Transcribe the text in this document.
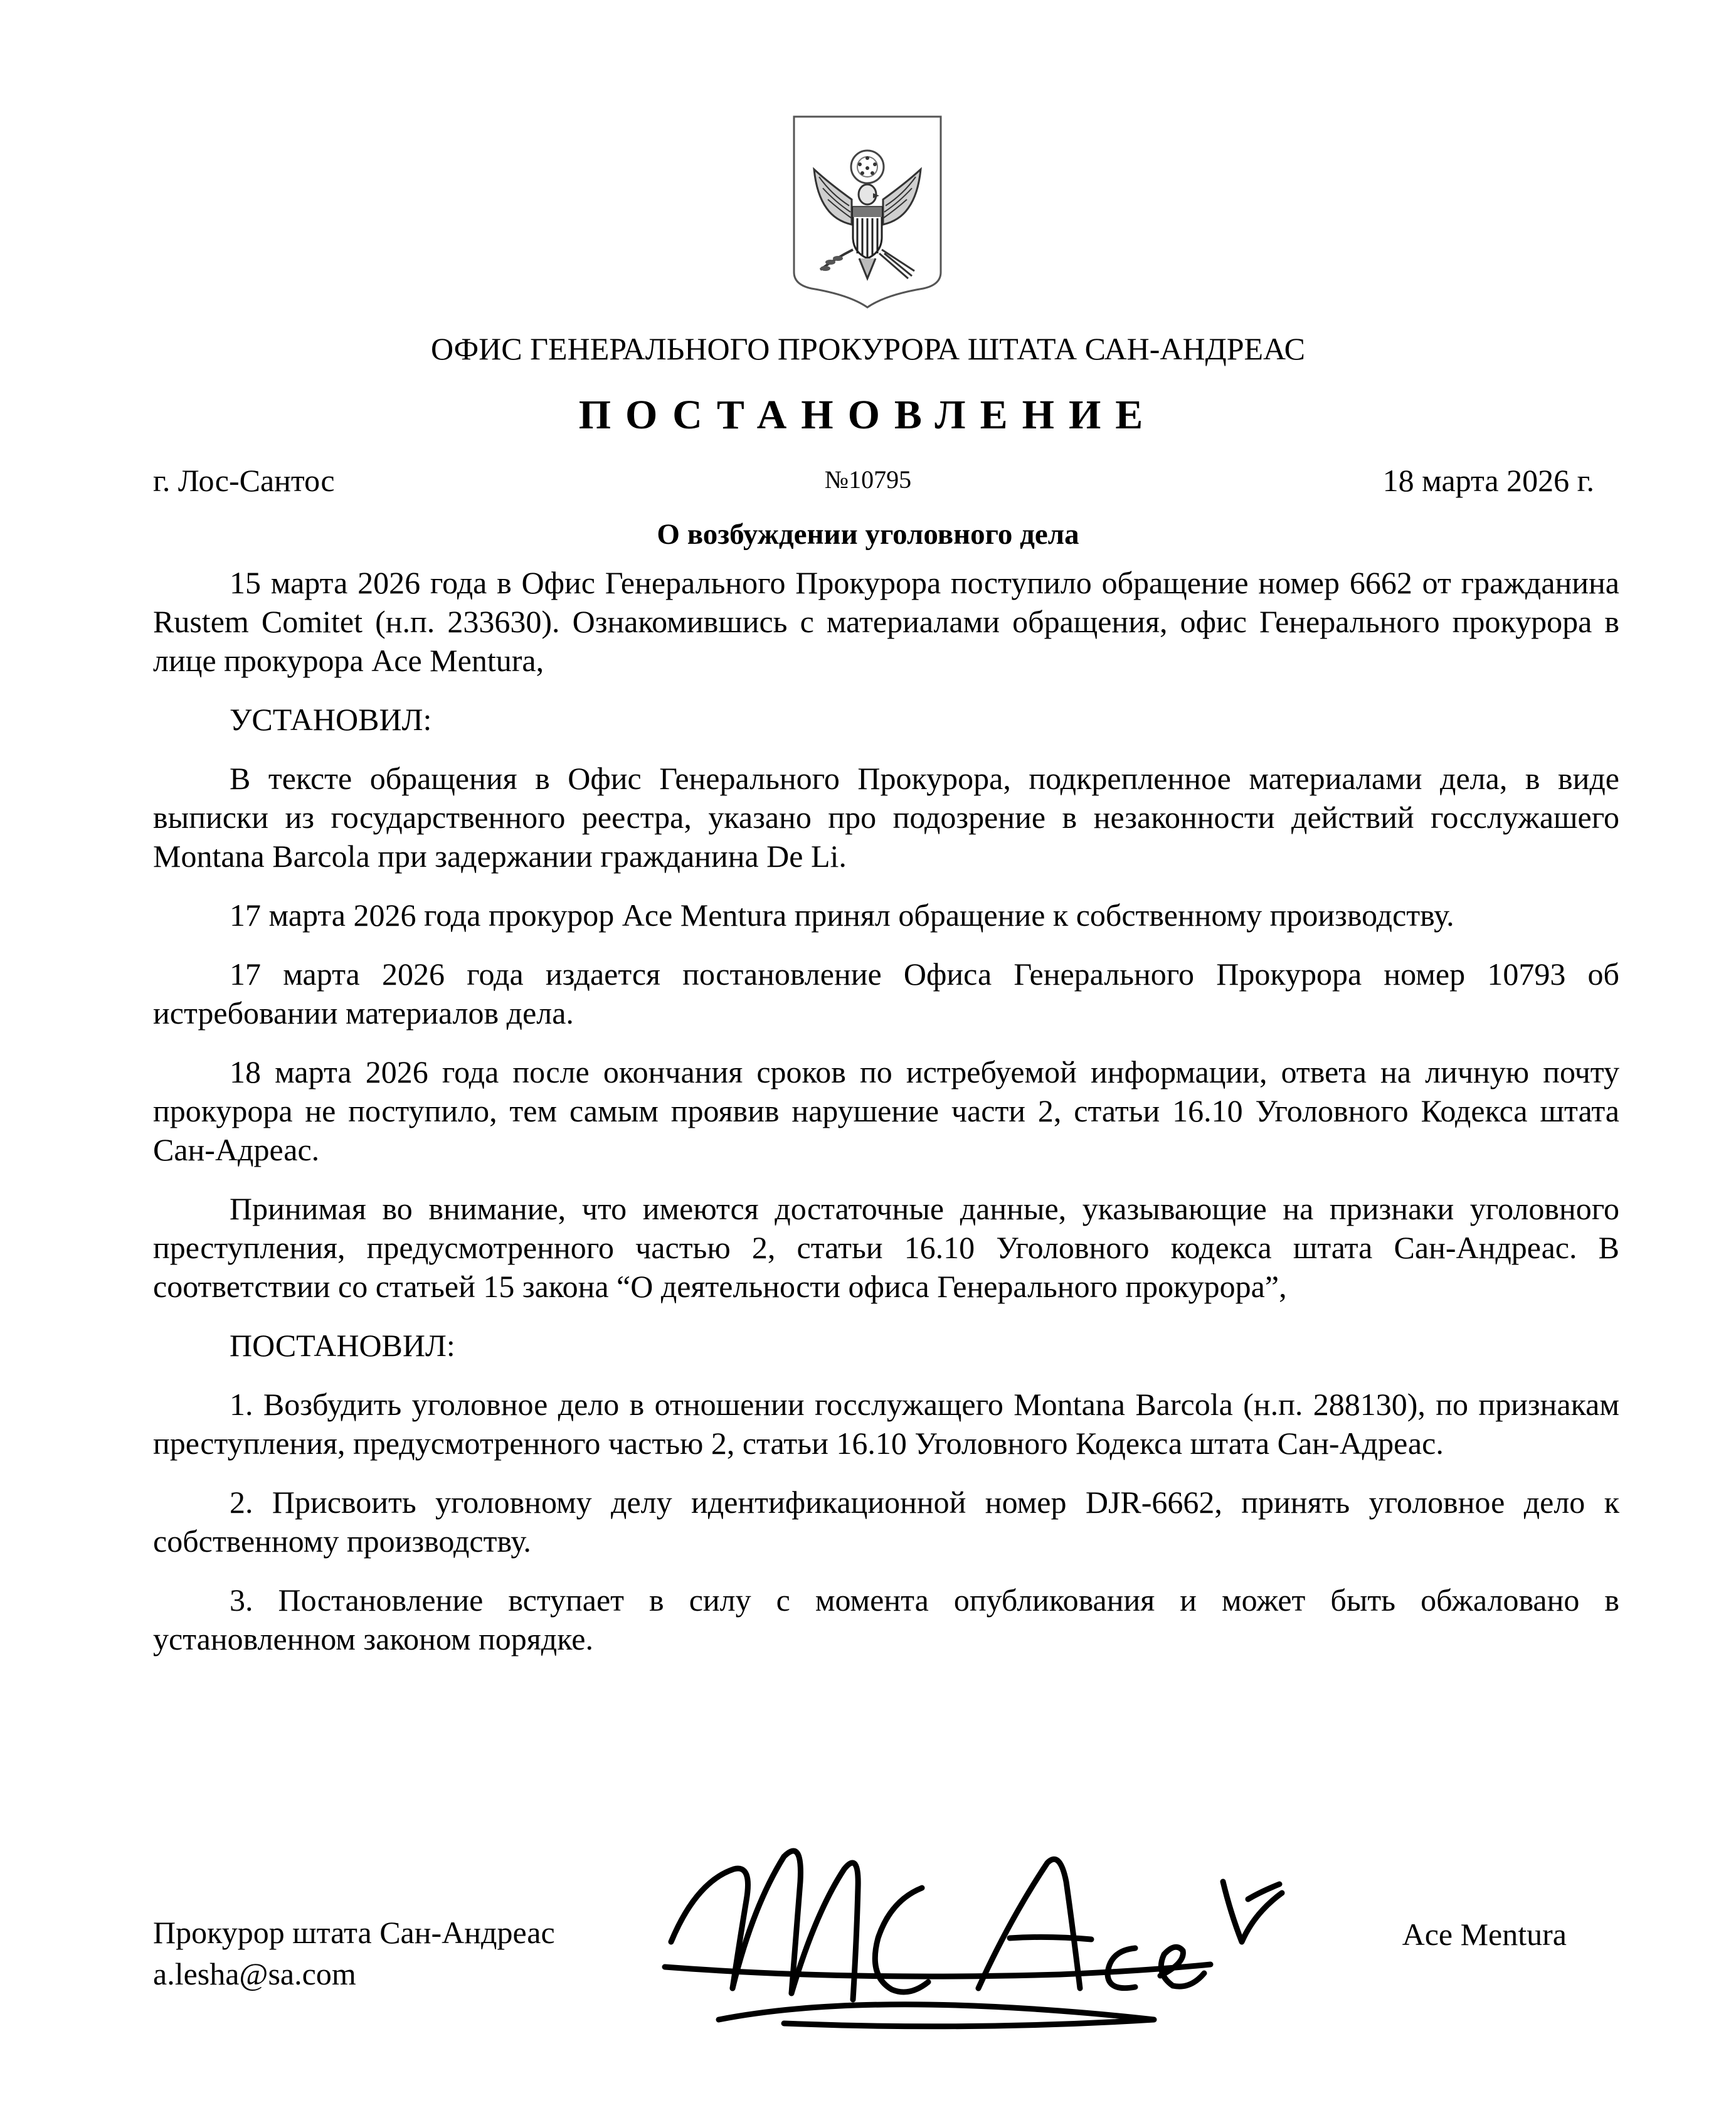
ОФИС ГЕНЕРАЛЬНОГО ПРОКУРОРА ШТАТА САН-АНДРЕАС
ПОСТАНОВЛЕНИЕ
г. Лос-Сантос	№10795	18 марта 2026 г.
О возбуждении уголовного дела

15 марта 2026 года в Офис Генерального Прокурора поступило обращение номер 6662 от гражданина Rustem Comitet (н.п. 233630). Ознакомившись с материалами обращения, офис Генерального прокурора в лице прокурора Ace Mentura,

УСТАНОВИЛ:

В тексте обращения в Офис Генерального Прокурора, подкрепленное материалами дела, в виде выписки из государственного реестра, указано про подозрение в незаконности действий госслужашего Montana Barcola при задержании гражданина De Li.

17 марта 2026 года прокурор Ace Mentura принял обращение к собственному производству.

17 марта 2026 года издается постановление Офиса Генерального Прокурора номер 10793 об истребовании материалов дела.

18 марта 2026 года после окончания сроков по истребуемой информации, ответа на личную почту прокурора не поступило, тем самым проявив нарушение части 2, статьи 16.10 Уголовного Кодекса штата Сан-Адреас.

Принимая во внимание, что имеются достаточные данные, указывающие на признаки уголовного преступления, предусмотренного частью 2, статьи 16.10 Уголовного кодекса штата Сан-Андреас. В соответствии со статьей 15 закона “О деятельности офиса Генерального прокурора”,

ПОСТАНОВИЛ:

1. Возбудить уголовное дело в отношении госслужащего Montana Barcola (н.п. 288130), по признакам преступления, предусмотренного частью 2, статьи 16.10 Уголовного Кодекса штата Сан-Адреас.

2. Присвоить уголовному делу идентификационной номер DJR-6662, принять уголовное дело к собственному производству.

3. Постановление вступает в силу с момента опубликования и может быть обжаловано в установленном законом порядке.

Прокурор штата Сан-Андреас
a.lesha@sa.com
Ace Mentura
